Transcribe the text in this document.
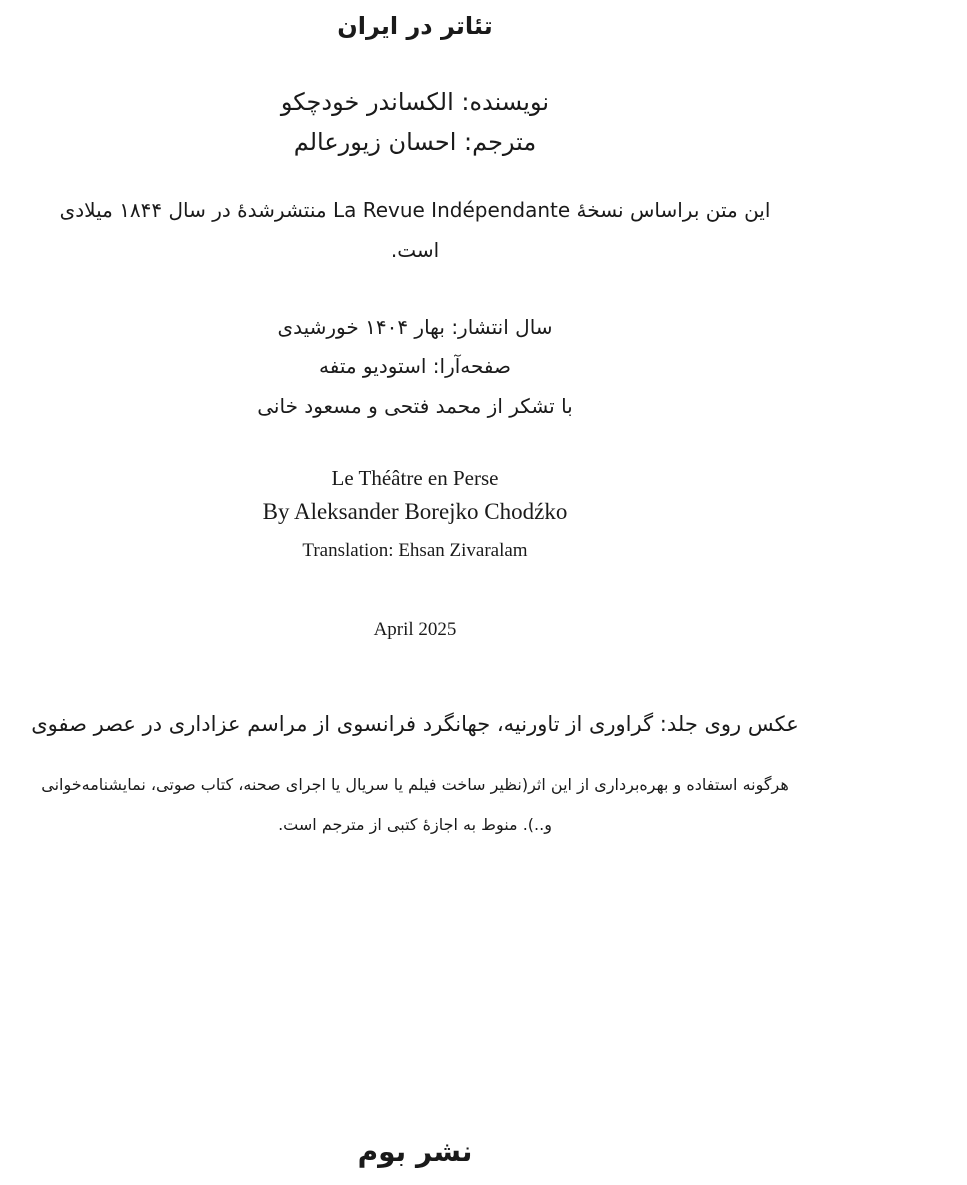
تئاتر در ایران
نویسنده: الکساندر خودچکو
مترجم: احسان زیورعالم
این متن براساس نسخهٔ La Revue Indépendante منتشرشدهٔ در سال ۱۸۴۴ میلادی
است.
سال انتشار: بهار ۱۴۰۴ خورشیدی
صفحه‌آرا: استودیو متفه
با تشکر از محمد فتحی و مسعود خانی
Le Théâtre en Perse
By Aleksander Borejko Chodźko
Translation: Ehsan Zivaralam
April 2025
عکس روی جلد: گراوری از تاورنیه، جهانگرد فرانسوی از مراسم عزاداری در عصر صفوی
هرگونه استفاده و بهره‌برداری از این اثر(نظیر ساخت فیلم یا سریال یا اجرای صحنه، کتاب صوتی، نمایشنامه‌خوانی
و..). منوط به اجازهٔ کتبی از مترجم است.
نشر بوم
